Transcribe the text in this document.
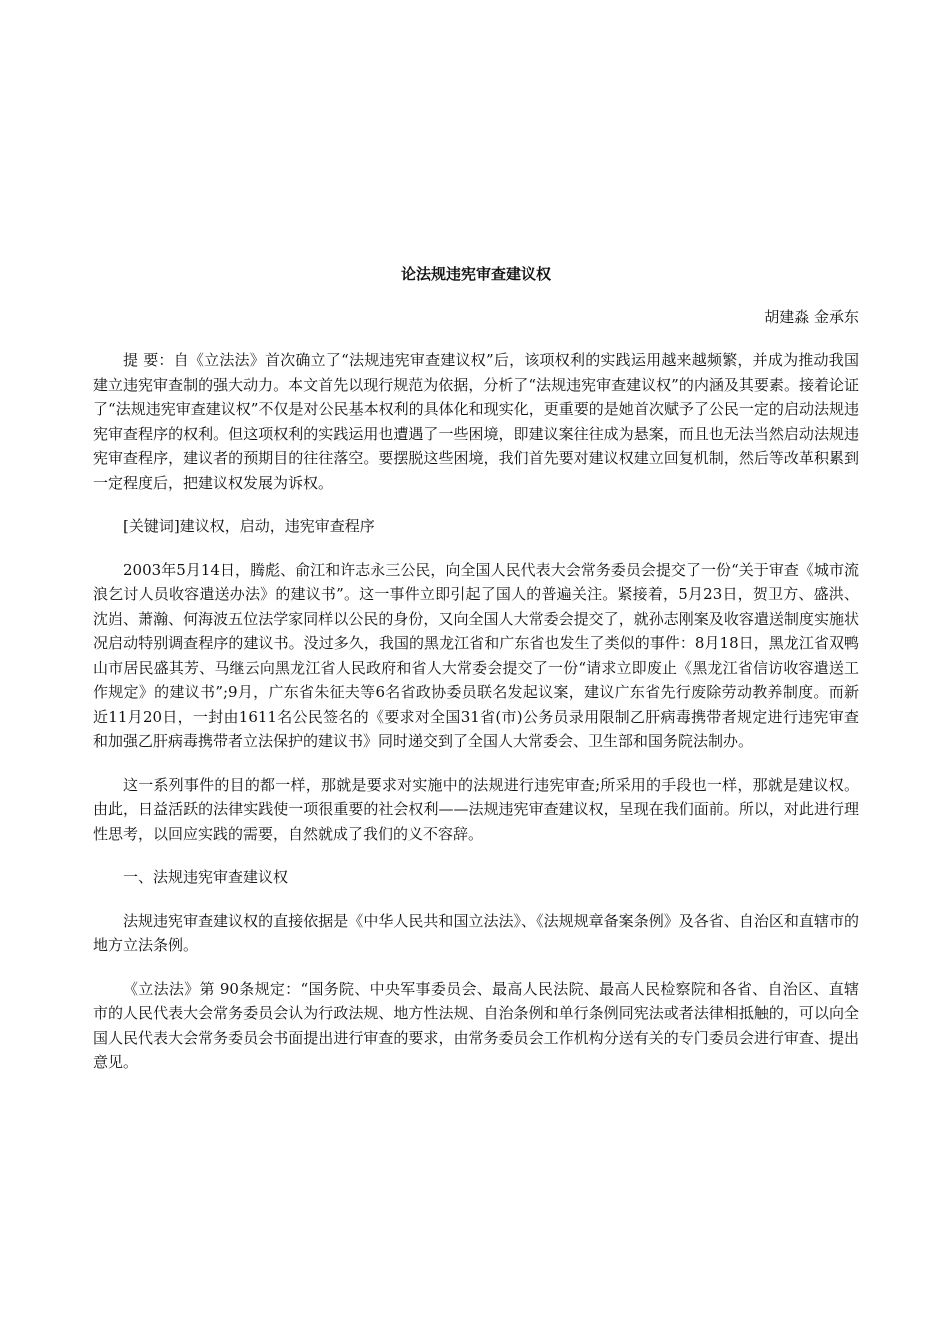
论法规违宪审查建议权
胡建淼 金承东

提 要：自《立法法》首次确立了“法规违宪审查建议权”后，该项权利的实践运用越来越频繁，并成为推动我国建立违宪审查制的强大动力。本文首先以现行规范为依据，分析了“法规违宪审查建议权”的内涵及其要素。接着论证了“法规违宪审查建议权”不仅是对公民基本权利的具体化和现实化，更重要的是她首次赋予了公民一定的启动法规违宪审查程序的权利。但这项权利的实践运用也遭遇了一些困境，即建议案往往成为悬案，而且也无法当然启动法规违宪审查程序，建议者的预期目的往往落空。要摆脱这些困境，我们首先要对建议权建立回复机制，然后等改革积累到一定程度后，把建议权发展为诉权。

[关键词]建议权，启动，违宪审查程序

2003年5月14日，腾彪、俞江和许志永三公民，向全国人民代表大会常务委员会提交了一份“关于审查《城市流浪乞讨人员收容遣送办法》的建议书”。这一事件立即引起了国人的普遍关注。紧接着，5月23日，贺卫方、盛洪、沈岿、萧瀚、何海波五位法学家同样以公民的身份，又向全国人大常委会提交了，就孙志刚案及收容遣送制度实施状况启动特别调查程序的建议书。没过多久，我国的黑龙江省和广东省也发生了类似的事件：8月18日，黑龙江省双鸭山市居民盛其芳、马继云向黑龙江省人民政府和省人大常委会提交了一份“请求立即废止《黑龙江省信访收容遣送工作规定》的建议书”;9月，广东省朱征夫等6名省政协委员联名发起议案，建议广东省先行废除劳动教养制度。而新近11月20日，一封由1611名公民签名的《要求对全国31省(市)公务员录用限制乙肝病毒携带者规定进行违宪审查和加强乙肝病毒携带者立法保护的建议书》同时递交到了全国人大常委会、卫生部和国务院法制办。

这一系列事件的目的都一样，那就是要求对实施中的法规进行违宪审查;所采用的手段也一样，那就是建议权。由此，日益活跃的法律实践使一项很重要的社会权利——法规违宪审查建议权，呈现在我们面前。所以，对此进行理性思考，以回应实践的需要，自然就成了我们的义不容辞。

一、法规违宪审查建议权

法规违宪审查建议权的直接依据是《中华人民共和国立法法》、《法规规章备案条例》及各省、自治区和直辖市的地方立法条例。

《立法法》第 90条规定：“国务院、中央军事委员会、最高人民法院、最高人民检察院和各省、自治区、直辖市的人民代表大会常务委员会认为行政法规、地方性法规、自治条例和单行条例同宪法或者法律相抵触的，可以向全国人民代表大会常务委员会书面提出进行审查的要求，由常务委员会工作机构分送有关的专门委员会进行审查、提出意见。
